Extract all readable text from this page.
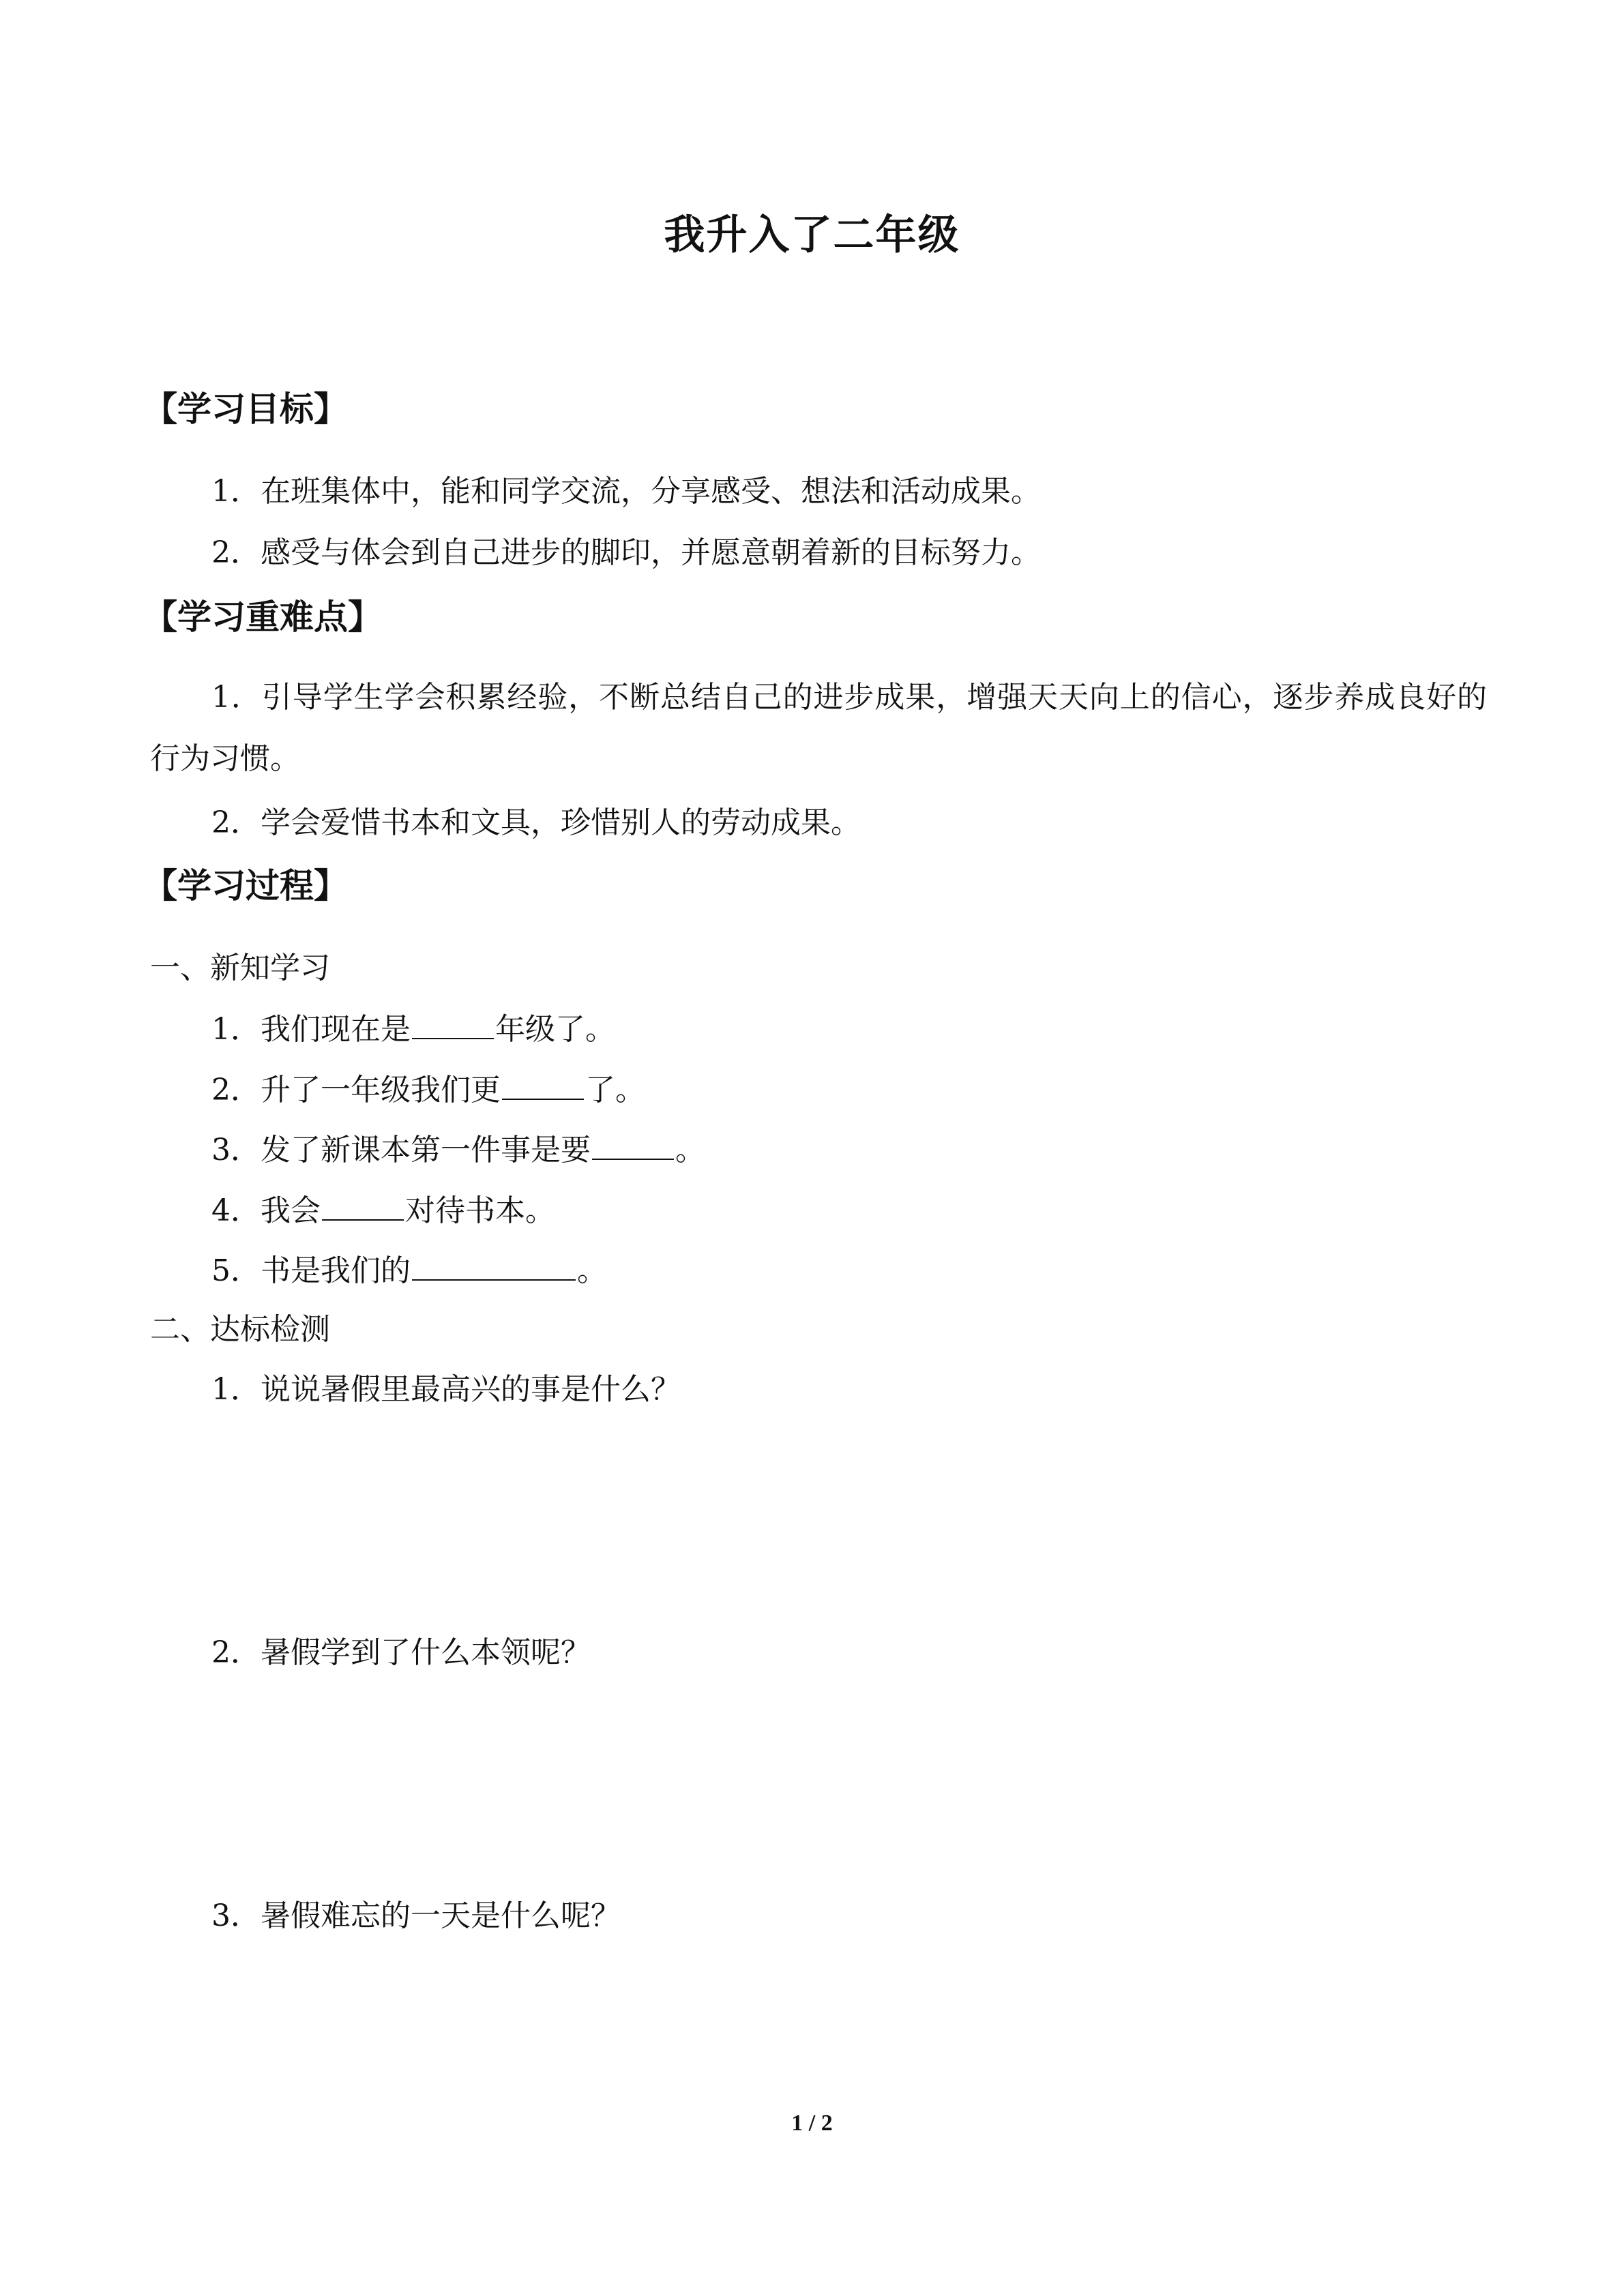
我升入了二年级
【学习目标】
1．在班集体中，能和同学交流，分享感受、想法和活动成果。
2．感受与体会到自己进步的脚印，并愿意朝着新的目标努力。
【学习重难点】
1．引导学生学会积累经验，不断总结自己的进步成果，增强天天向上的信心，逐步养成良好的行为习惯。
2．学会爱惜书本和文具，珍惜别人的劳动成果。
【学习过程】
一、新知学习
1．我们现在是	年级了。
2．升了一年级我们更	了。
3．发了新课本第一件事是要	。
4．我会	对待书本。
5．书是我们的	。
二、达标检测
1．说说暑假里最高兴的事是什么？
2．暑假学到了什么本领呢？
3．暑假难忘的一天是什么呢？
1 / 2
